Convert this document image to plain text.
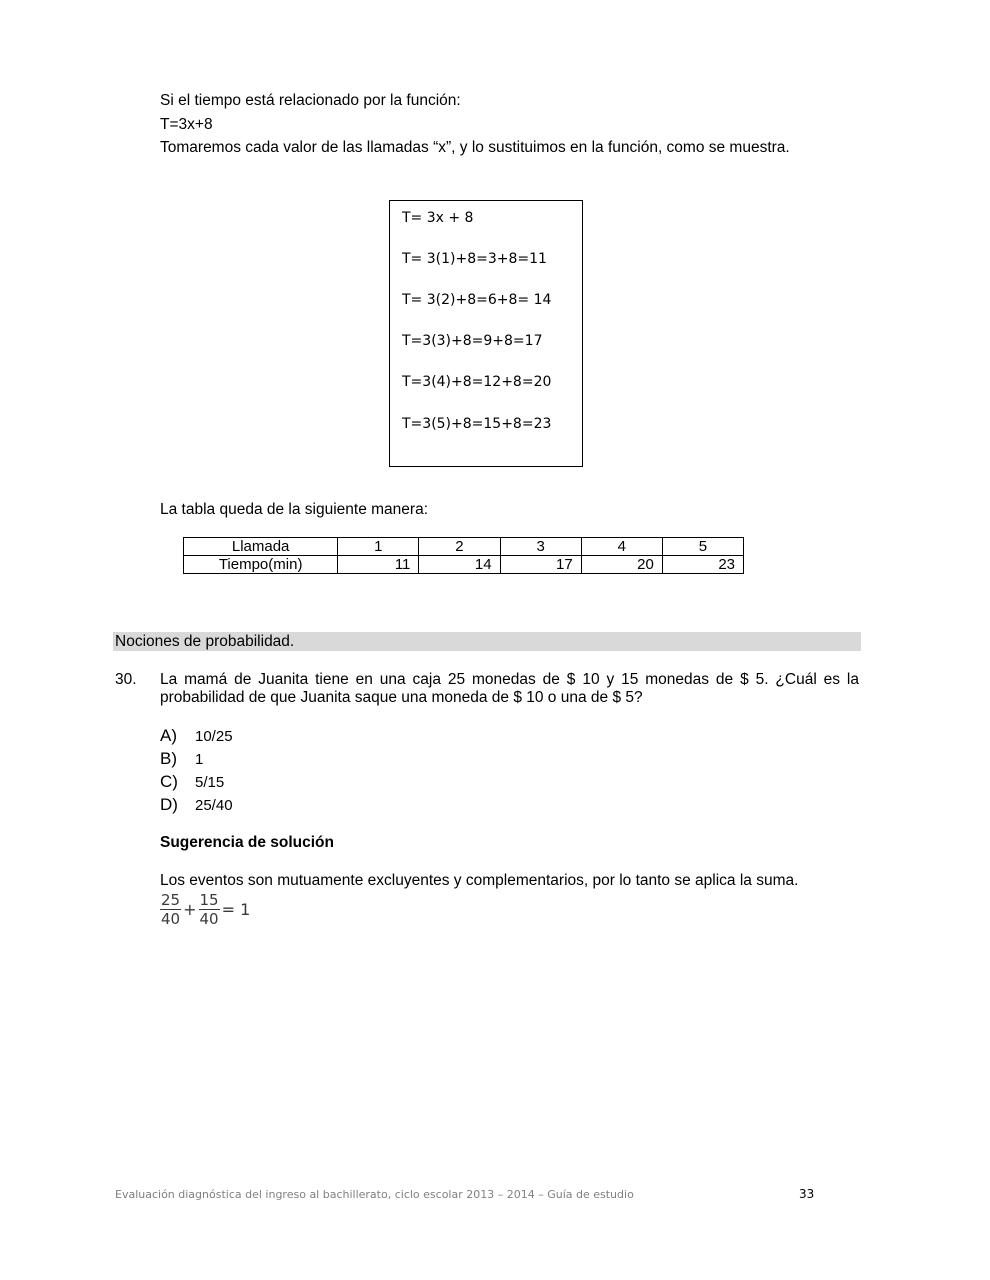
Si el tiempo está relacionado por la función:
T=3x+8
Tomaremos cada valor de las llamadas “x”, y lo sustituimos en la función, como se muestra.
T= 3x + 8
T= 3(1)+8=3+8=11
T= 3(2)+8=6+8= 14
T=3(3)+8=9+8=17
T=3(4)+8=12+8=20
T=3(5)+8=15+8=23
La tabla queda de la siguiente manera:
Llamada	1	2	3	4	5
Tiempo(min)	11	14	17	20	23
Nociones de probabilidad.
30. La mamá de Juanita tiene en una caja 25 monedas de $ 10 y 15 monedas de $ 5. ¿Cuál es la probabilidad de que Juanita saque una moneda de $ 10 o una de $ 5?
A) 10/25
B) 1
C) 5/15
D) 25/40
Sugerencia de solución
Los eventos son mutuamente excluyentes y complementarios, por lo tanto se aplica la suma.
$\frac{25}{40} + \frac{15}{40} = 1$
Evaluación diagnóstica del ingreso al bachillerato, ciclo escolar 2013 – 2014 – Guía de estudio	33
